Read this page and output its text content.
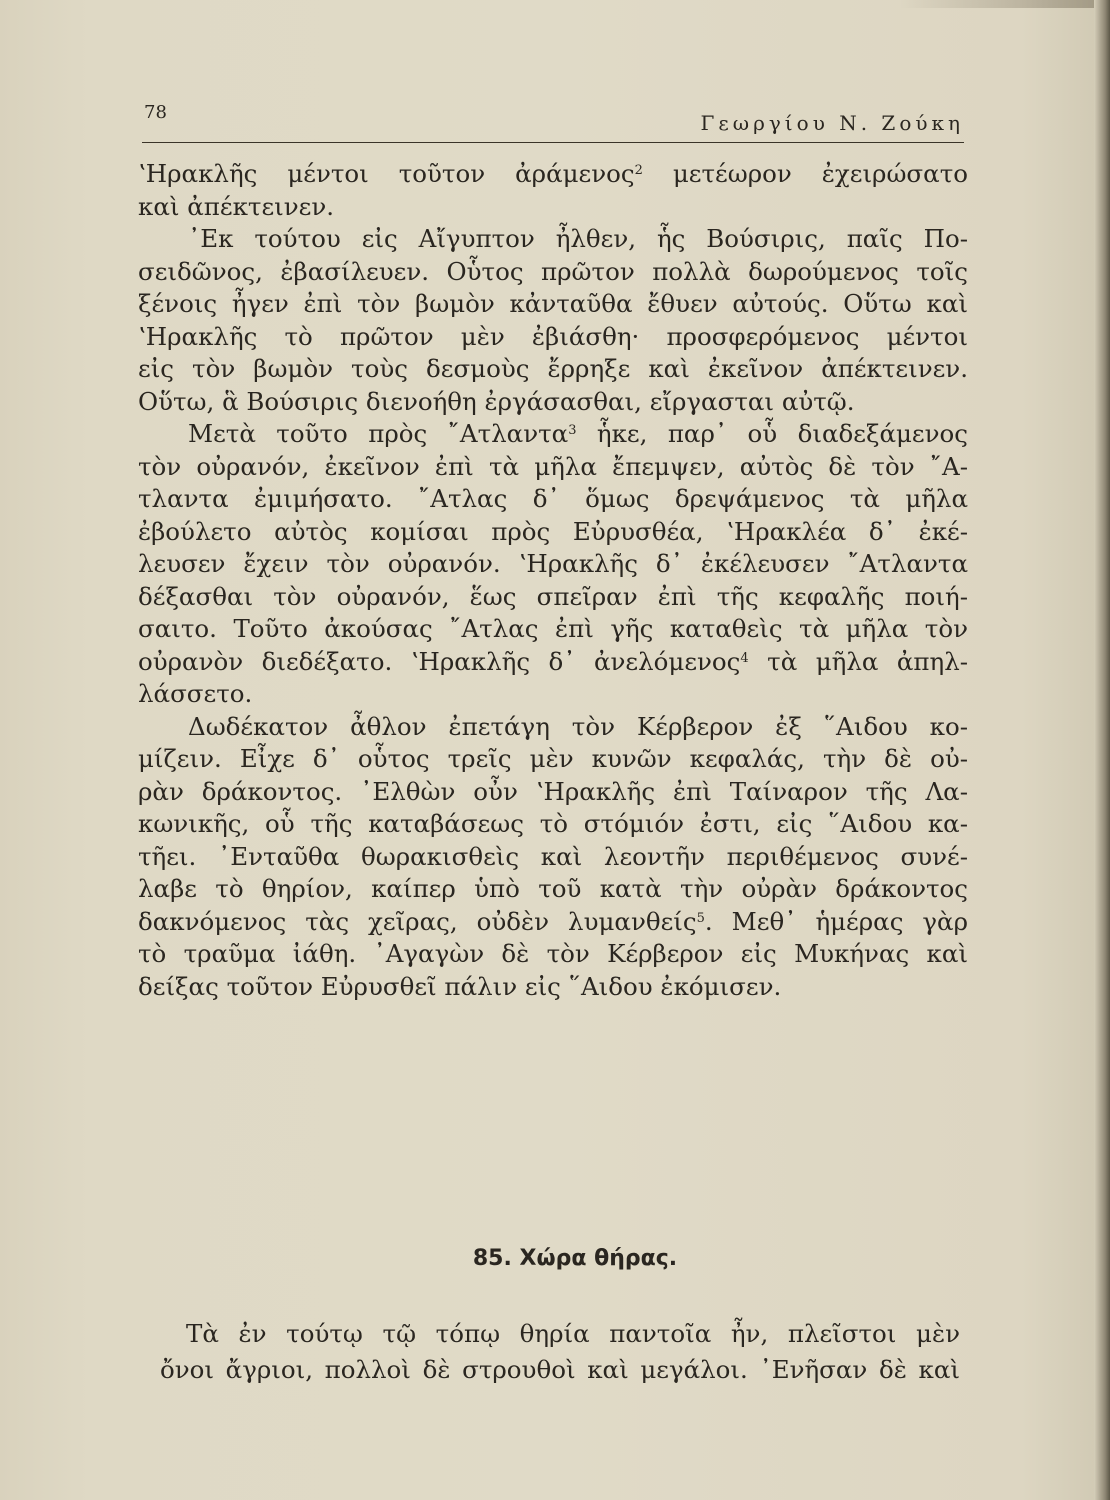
78	Γεωργίου Ν. Ζούκη
ʽΗρακλῆς μέντοι τοῦτον ἀράμενος$^2$ μετέωρον ἐχειρώσατο
καὶ ἀπέκτεινεν.
᾽Εκ τούτου εἰς Αἴγυπτον ἦλθεν, ἧς Βούσιρις, παῖς Πο-
σειδῶνος, ἐβασίλευεν. Οὗτος πρῶτον πολλὰ δωρούμενος τοῖς
ξένοις ἦγεν ἐπὶ τὸν βωμὸν κἀνταῦθα ἔθυεν αὐτούς. Οὕτω καὶ
ʽΗρακλῆς τὸ πρῶτον μὲν ἐβιάσθη· προσφερόμενος μέντοι
εἰς τὸν βωμὸν τοὺς δεσμοὺς ἔρρηξε καὶ ἐκεῖνον ἀπέκτεινεν.
Οὕτω, ἃ Βούσιρις διενοήθη ἐργάσασθαι, εἴργασται αὐτῷ.
Μετὰ τοῦτο πρὸς ῎Ατλαντα$^3$ ἧκε, παρ᾽ οὗ διαδεξάμενος
τὸν οὐρανόν, ἐκεῖνον ἐπὶ τὰ μῆλα ἔπεμψεν, αὐτὸς δὲ τὸν ῎Α-
τλαντα ἐμιμήσατο. ῎Ατλας δ᾽ ὅμως δρεψάμενος τὰ μῆλα
ἐβούλετο αὐτὸς κομίσαι πρὸς Εὐρυσθέα, ʽΗρακλέα δ᾽ ἐκέ-
λευσεν ἔχειν τὸν οὐρανόν. ʽΗρακλῆς δ᾽ ἐκέλευσεν ῎Ατλαντα
δέξασθαι τὸν οὐρανόν, ἕως σπεῖραν ἐπὶ τῆς κεφαλῆς ποιή-
σαιτο. Τοῦτο ἀκούσας ῎Ατλας ἐπὶ γῆς καταθεὶς τὰ μῆλα τὸν
οὐρανὸν διεδέξατο. ʽΗρακλῆς δ᾽ ἀνελόμενος$^4$ τὰ μῆλα ἀπηλ-
λάσσετο.
Δωδέκατον ἆθλον ἐπετάγη τὸν Κέρβερον ἐξ ῞Αιδου κο-
μίζειν. Εἶχε δ᾽ οὗτος τρεῖς μὲν κυνῶν κεφαλάς, τὴν δὲ οὐ-
ρὰν δράκοντος. ᾽Ελθὼν οὖν ʽΗρακλῆς ἐπὶ Ταίναρον τῆς Λα-
κωνικῆς, οὗ τῆς καταβάσεως τὸ στόμιόν ἐστι, εἰς ῞Αιδου κα-
τῆει. ᾽Ενταῦθα θωρακισθεὶς καὶ λεοντῆν περιθέμενος συνέ-
λαβε τὸ θηρίον, καίπερ ὑπὸ τοῦ κατὰ τὴν οὐρὰν δράκοντος
δακνόμενος τὰς χεῖρας, οὐδὲν λυμανθείς$^5$. Μεθ᾽ ἡμέρας γὰρ
τὸ τραῦμα ἰάθη. ᾽Αγαγὼν δὲ τὸν Κέρβερον εἰς Μυκήνας καὶ
δείξας τοῦτον Εὐρυσθεῖ πάλιν εἰς ῞Αιδου ἐκόμισεν.
85. Χώρα θήρας.
Τὰ ἐν τούτῳ τῷ τόπῳ θηρία παντοῖα ἦν, πλεῖστοι μὲν
ὄνοι ἄγριοι, πολλοὶ δὲ στρουθοὶ καὶ μεγάλοι. ᾽Ενῆσαν δὲ καὶ
